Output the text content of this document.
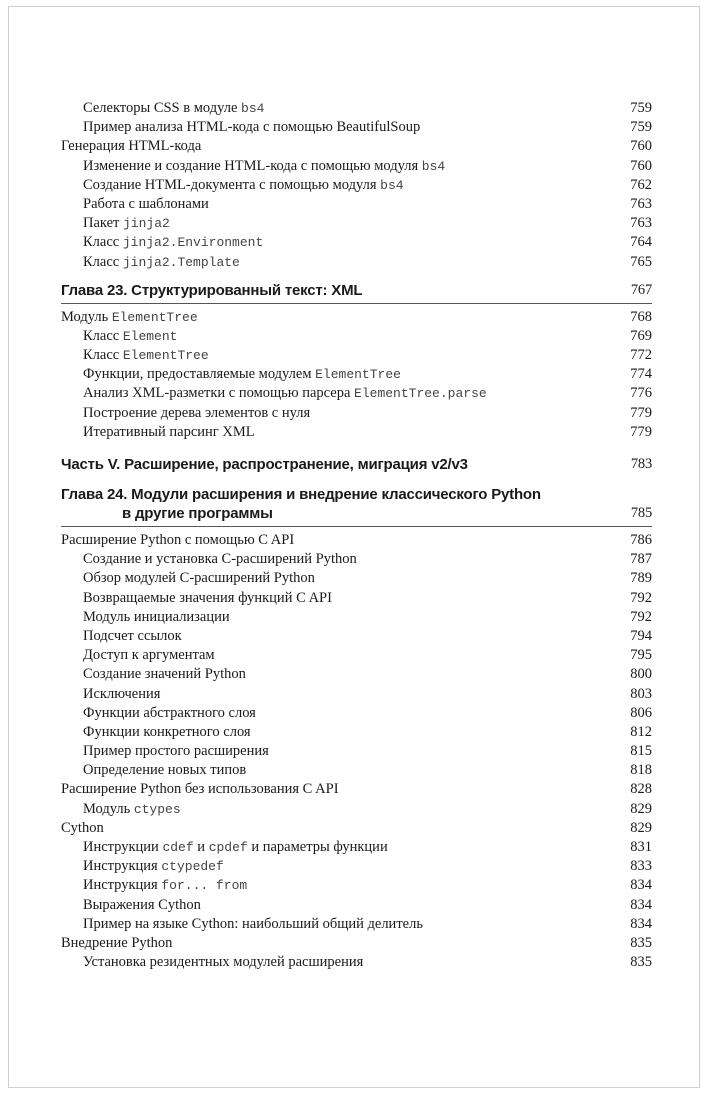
Селекторы CSS в модуле bs4	759
Пример анализа HTML-кода с помощью BeautifulSoup	759
Генерация HTML-кода	760
Изменение и создание HTML-кода с помощью модуля bs4	760
Создание HTML-документа с помощью модуля bs4	762
Работа с шаблонами	763
Пакет jinja2	763
Класс jinja2.Environment	764
Класс jinja2.Template	765
Глава 23. Структурированный текст: XML	767
Модуль ElementTree	768
Класс Element	769
Класс ElementTree	772
Функции, предоставляемые модулем ElementTree	774
Анализ XML-разметки с помощью парсера ElementTree.parse	776
Построение дерева элементов с нуля	779
Итеративный парсинг XML	779
Часть V. Расширение, распространение, миграция v2/v3	783
Глава 24. Модули расширения и внедрение классического Python
в другие программы	785
Расширение Python с помощью C API	786
Создание и установка C-расширений Python	787
Обзор модулей C-расширений Python	789
Возвращаемые значения функций C API	792
Модуль инициализации	792
Подсчет ссылок	794
Доступ к аргументам	795
Создание значений Python	800
Исключения	803
Функции абстрактного слоя	806
Функции конкретного слоя	812
Пример простого расширения	815
Определение новых типов	818
Расширение Python без использования C API	828
Модуль ctypes	829
Cython	829
Инструкции cdef и cpdef и параметры функции	831
Инструкция ctypedef	833
Инструкция for... from	834
Выражения Cython	834
Пример на языке Cython: наибольший общий делитель	834
Внедрение Python	835
Установка резидентных модулей расширения	835
